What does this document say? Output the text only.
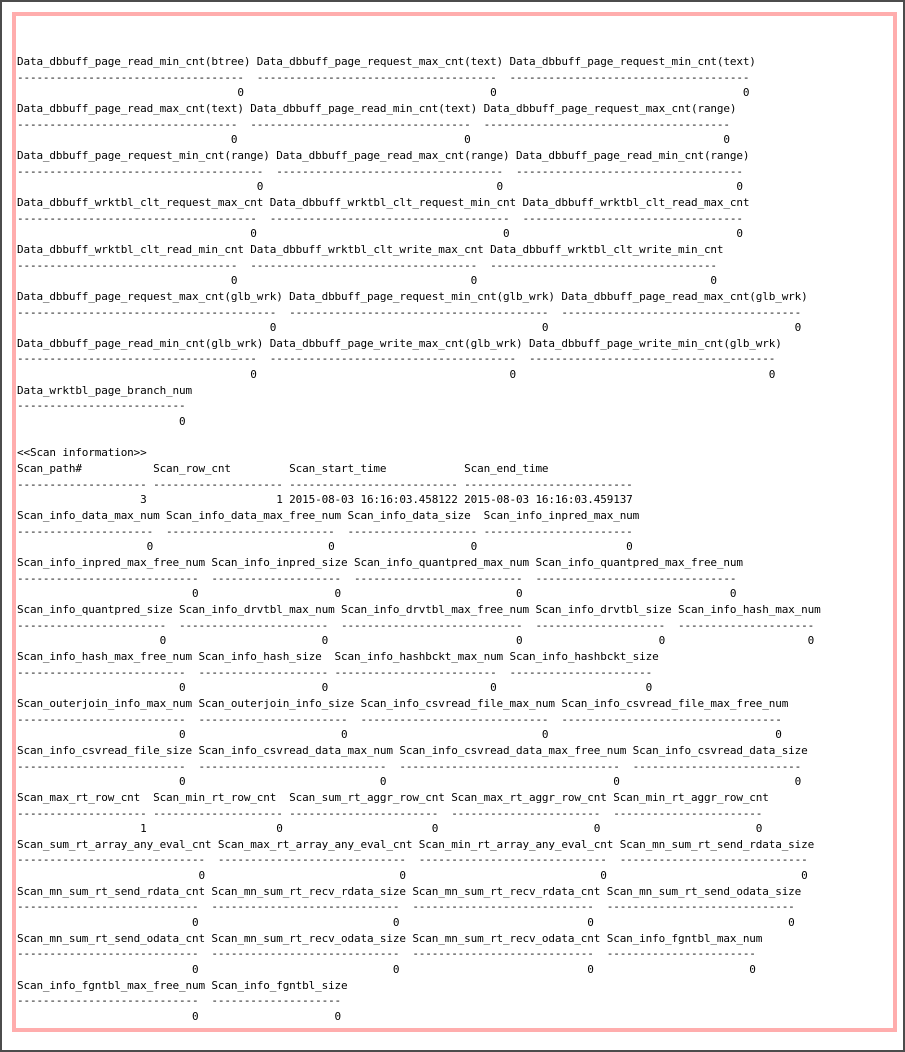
Data_dbbuff_page_read_min_cnt(btree) Data_dbbuff_page_request_max_cnt(text) Data_dbbuff_page_request_min_cnt(text)
-----------------------------------  -------------------------------------  -------------------------------------
0                                      0                                      0
Data_dbbuff_page_read_max_cnt(text) Data_dbbuff_page_read_min_cnt(text) Data_dbbuff_page_request_max_cnt(range)
----------------------------------  ----------------------------------  --------------------------------------
0                                   0                                       0
Data_dbbuff_page_request_min_cnt(range) Data_dbbuff_page_read_max_cnt(range) Data_dbbuff_page_read_min_cnt(range)
--------------------------------------  -----------------------------------  -----------------------------------
0                                    0                                    0
Data_dbbuff_wrktbl_clt_request_max_cnt Data_dbbuff_wrktbl_clt_request_min_cnt Data_dbbuff_wrktbl_clt_read_max_cnt
-------------------------------------  -------------------------------------  ----------------------------------
0                                      0                                   0
Data_dbbuff_wrktbl_clt_read_min_cnt Data_dbbuff_wrktbl_clt_write_max_cnt Data_dbbuff_wrktbl_clt_write_min_cnt
----------------------------------  -----------------------------------  -----------------------------------
0                                    0                                    0
Data_dbbuff_page_request_max_cnt(glb_wrk) Data_dbbuff_page_request_min_cnt(glb_wrk) Data_dbbuff_page_read_max_cnt(glb_wrk)
----------------------------------------  ----------------------------------------  -------------------------------------
0                                         0                                      0
Data_dbbuff_page_read_min_cnt(glb_wrk) Data_dbbuff_page_write_max_cnt(glb_wrk) Data_dbbuff_page_write_min_cnt(glb_wrk)
-------------------------------------  --------------------------------------  --------------------------------------
0                                       0                                       0
Data_wrktbl_page_branch_num
--------------------------
0

<<Scan information>>
Scan_path#           Scan_row_cnt         Scan_start_time            Scan_end_time
-------------------- -------------------- -------------------------- --------------------------
3                    1 2015-08-03 16:16:03.458122 2015-08-03 16:16:03.459137
Scan_info_data_max_num Scan_info_data_max_free_num Scan_info_data_size  Scan_info_inpred_max_num
---------------------  --------------------------  -------------------- -----------------------
0                           0                     0                       0
Scan_info_inpred_max_free_num Scan_info_inpred_size Scan_info_quantpred_max_num Scan_info_quantpred_max_free_num
----------------------------  --------------------  --------------------------  -------------------------------
0                     0                           0                                0
Scan_info_quantpred_size Scan_info_drvtbl_max_num Scan_info_drvtbl_max_free_num Scan_info_drvtbl_size Scan_info_hash_max_num
-----------------------  -----------------------  ----------------------------  --------------------  ---------------------
0                        0                             0                     0                      0
Scan_info_hash_max_free_num Scan_info_hash_size  Scan_info_hashbckt_max_num Scan_info_hashbckt_size
--------------------------  -------------------- -------------------------  ----------------------
0                     0                         0                       0
Scan_outerjoin_info_max_num Scan_outerjoin_info_size Scan_info_csvread_file_max_num Scan_info_csvread_file_max_free_num
--------------------------  -----------------------  -----------------------------  ----------------------------------
0                        0                              0                                   0
Scan_info_csvread_file_size Scan_info_csvread_data_max_num Scan_info_csvread_data_max_free_num Scan_info_csvread_data_size
--------------------------  -----------------------------  ----------------------------------  --------------------------
0                              0                                   0                           0
Scan_max_rt_row_cnt  Scan_min_rt_row_cnt  Scan_sum_rt_aggr_row_cnt Scan_max_rt_aggr_row_cnt Scan_min_rt_aggr_row_cnt
-------------------- -------------------- -----------------------  -----------------------  -----------------------
1                    0                       0                        0                        0
Scan_sum_rt_array_any_eval_cnt Scan_max_rt_array_any_eval_cnt Scan_min_rt_array_any_eval_cnt Scan_mn_sum_rt_send_rdata_size
-----------------------------  -----------------------------  -----------------------------  -----------------------------
0                              0                              0                              0
Scan_mn_sum_rt_send_rdata_cnt Scan_mn_sum_rt_recv_rdata_size Scan_mn_sum_rt_recv_rdata_cnt Scan_mn_sum_rt_send_odata_size
----------------------------  -----------------------------  ----------------------------  -----------------------------
0                              0                             0                              0
Scan_mn_sum_rt_send_odata_cnt Scan_mn_sum_rt_recv_odata_size Scan_mn_sum_rt_recv_odata_cnt Scan_info_fgntbl_max_num
----------------------------  -----------------------------  ----------------------------  -----------------------
0                              0                             0                        0
Scan_info_fgntbl_max_free_num Scan_info_fgntbl_size
----------------------------  --------------------
0                     0
